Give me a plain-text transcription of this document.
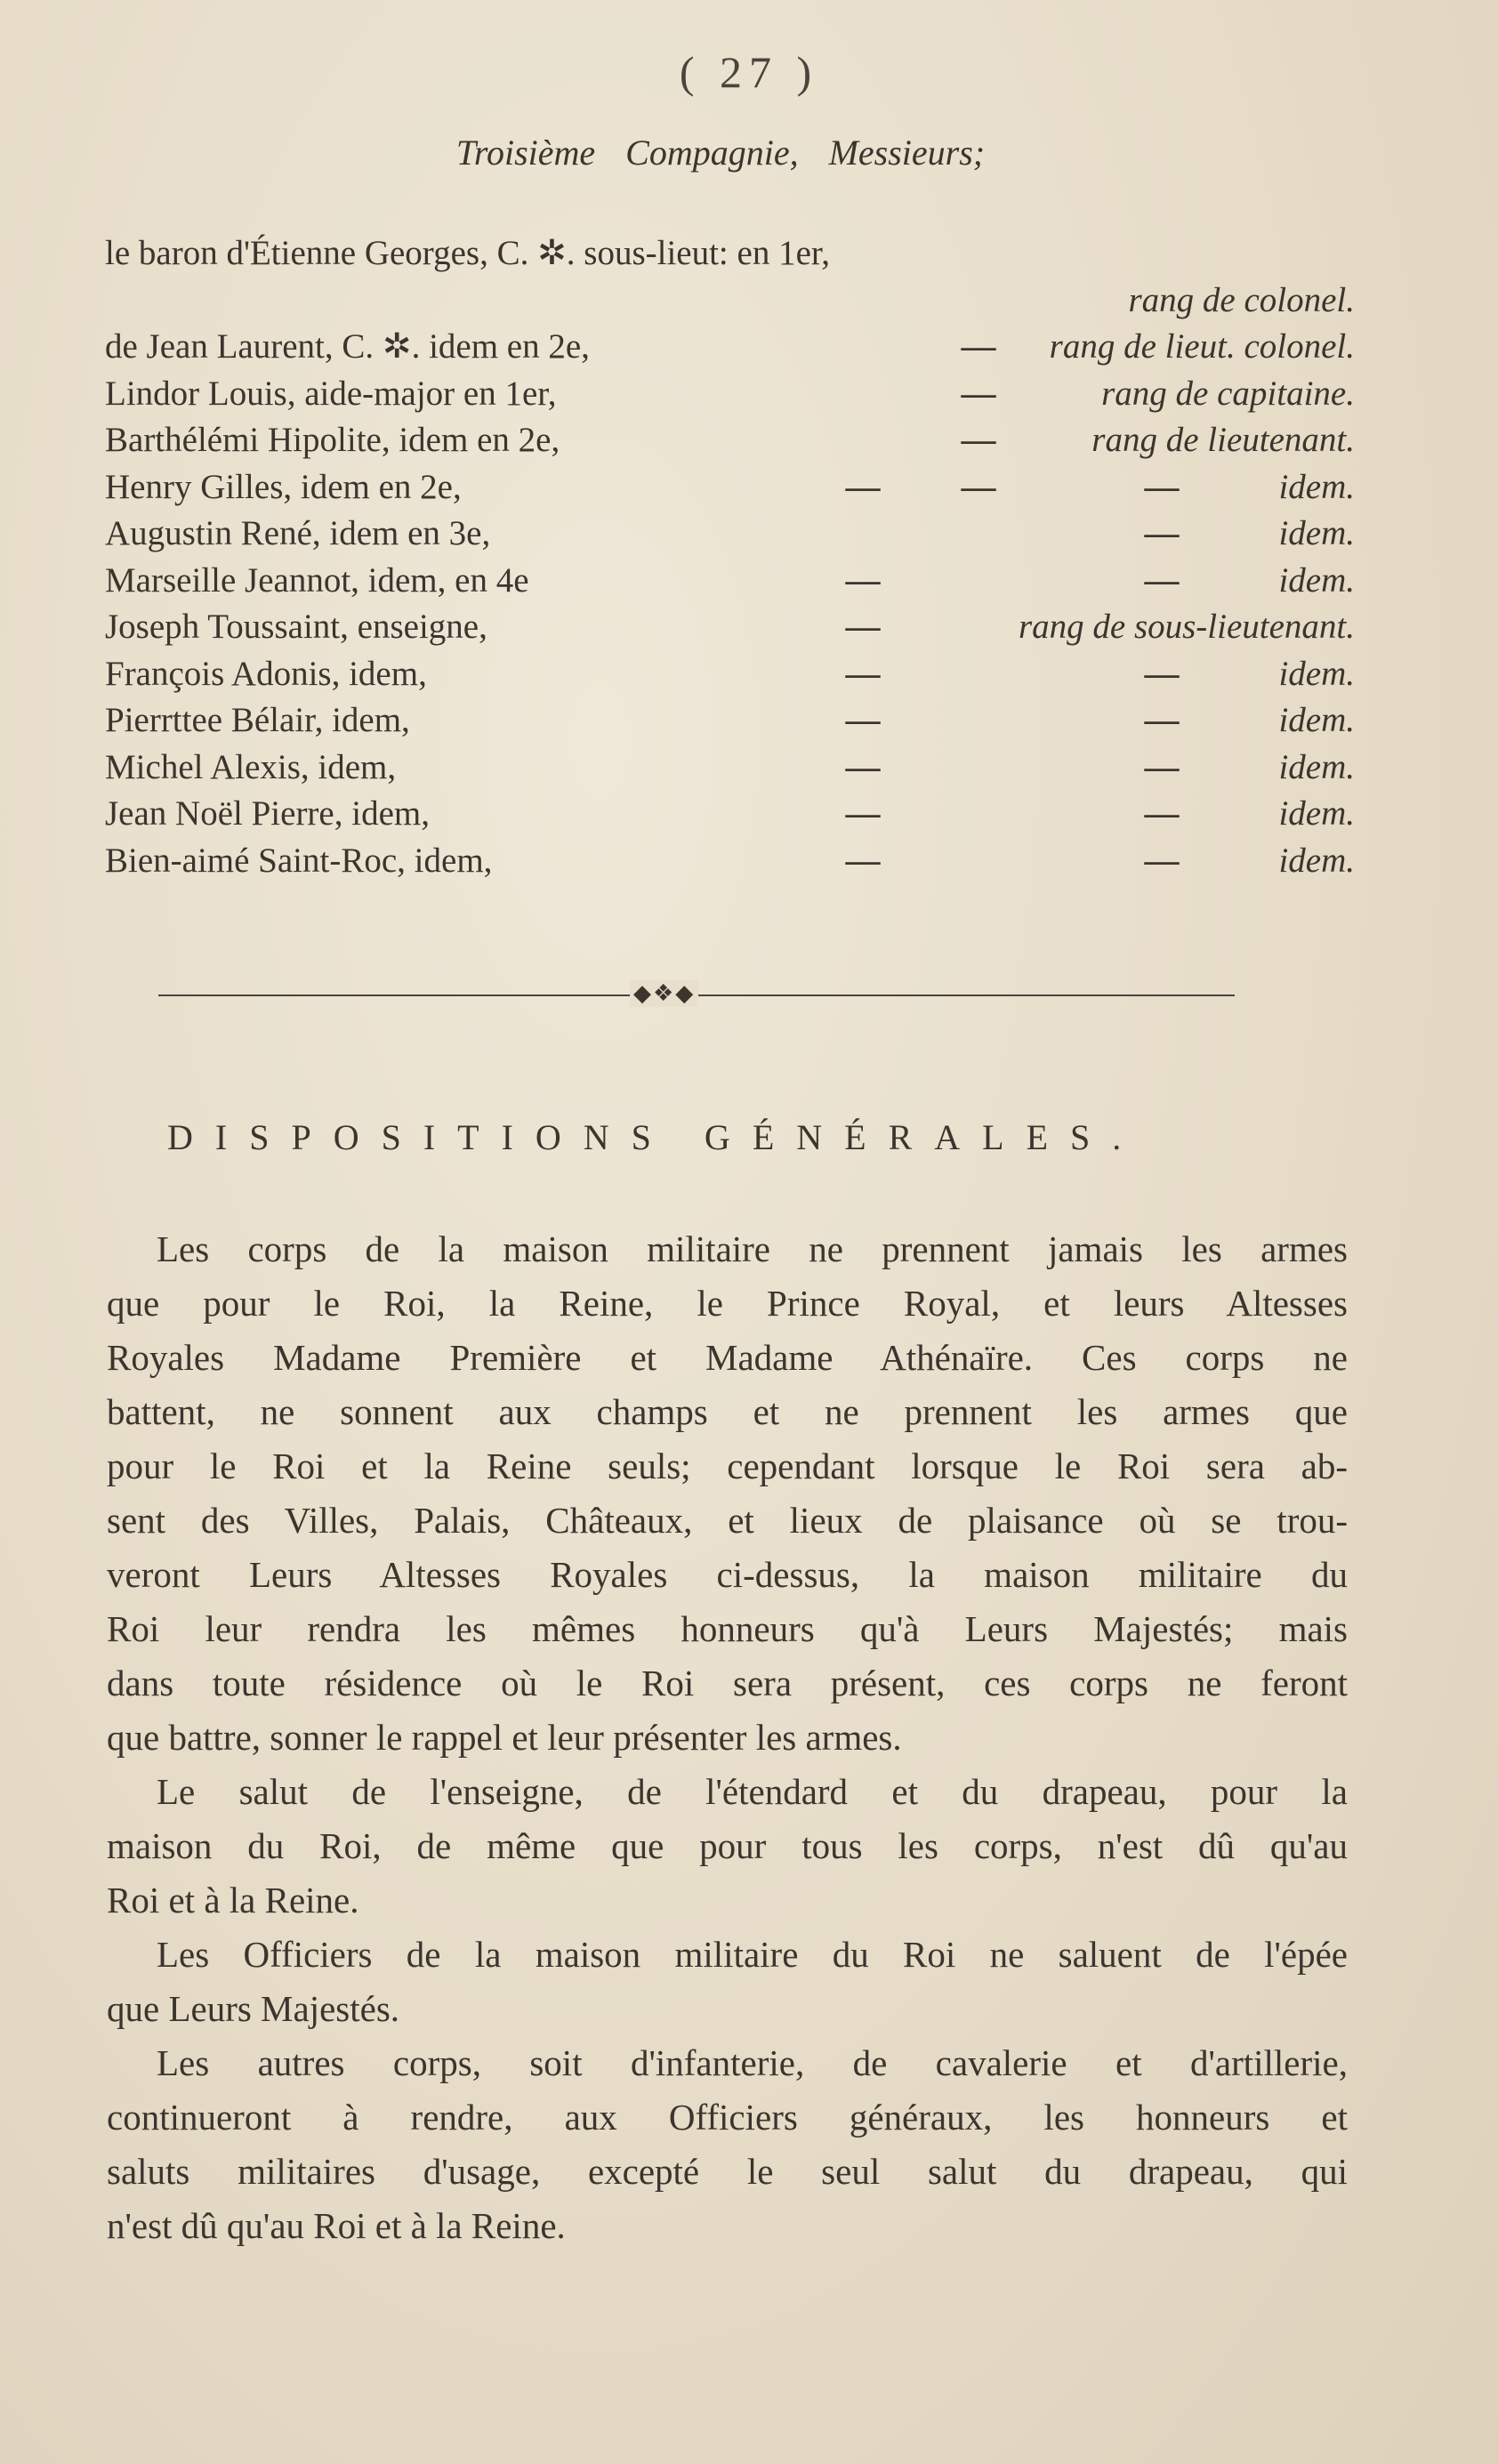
( 27 )
Troisième Compagnie, Messieurs;
le baron d'Étienne Georges, C. ✲. sous-lieut: en 1er,
rang de colonel.
de Jean Laurent, C. ✲. idem en 2e,	— rang de lieut. colonel.
Lindor Louis, aide-major en 1er,	—	rang de capitaine.
Barthélémi Hipolite, idem en 2e,	—	rang de lieutenant.
Henry Gilles, idem en 2e,	— —	—	idem.
Augustin René, idem en 3e,	—	idem.
Marseille Jeannot, idem, en 4e	—	—	idem.
Joseph Toussaint, enseigne,	—	rang de sous-lieutenant.
François Adonis, idem,	—	—	idem.
Pierrttee Bélair, idem,	—	—	idem.
Michel Alexis, idem,	—	—	idem.
Jean Noël Pierre, idem,	—	—	idem.
Bien-aimé Saint-Roc, idem,	—	—	idem.
◆❖◆
DISPOSITIONS GÉNÉRALES.
Les corps de la maison militaire ne prennent jamais les armes
que pour le Roi, la Reine, le Prince Royal, et leurs Altesses
Royales Madame Première et Madame Athénaïre. Ces corps ne
battent, ne sonnent aux champs et ne prennent les armes que
pour le Roi et la Reine seuls; cependant lorsque le Roi sera ab-
sent des Villes, Palais, Châteaux, et lieux de plaisance où se trou-
veront Leurs Altesses Royales ci-dessus, la maison militaire du
Roi leur rendra les mêmes honneurs qu'à Leurs Majestés; mais
dans toute résidence où le Roi sera présent, ces corps ne feront
que battre, sonner le rappel et leur présenter les armes.
Le salut de l'enseigne, de l'étendard et du drapeau, pour la
maison du Roi, de même que pour tous les corps, n'est dû qu'au
Roi et à la Reine.
Les Officiers de la maison militaire du Roi ne saluent de l'épée
que Leurs Majestés.
Les autres corps, soit d'infanterie, de cavalerie et d'artillerie,
continueront à rendre, aux Officiers généraux, les honneurs et
saluts militaires d'usage, excepté le seul salut du drapeau, qui
n'est dû qu'au Roi et à la Reine.
